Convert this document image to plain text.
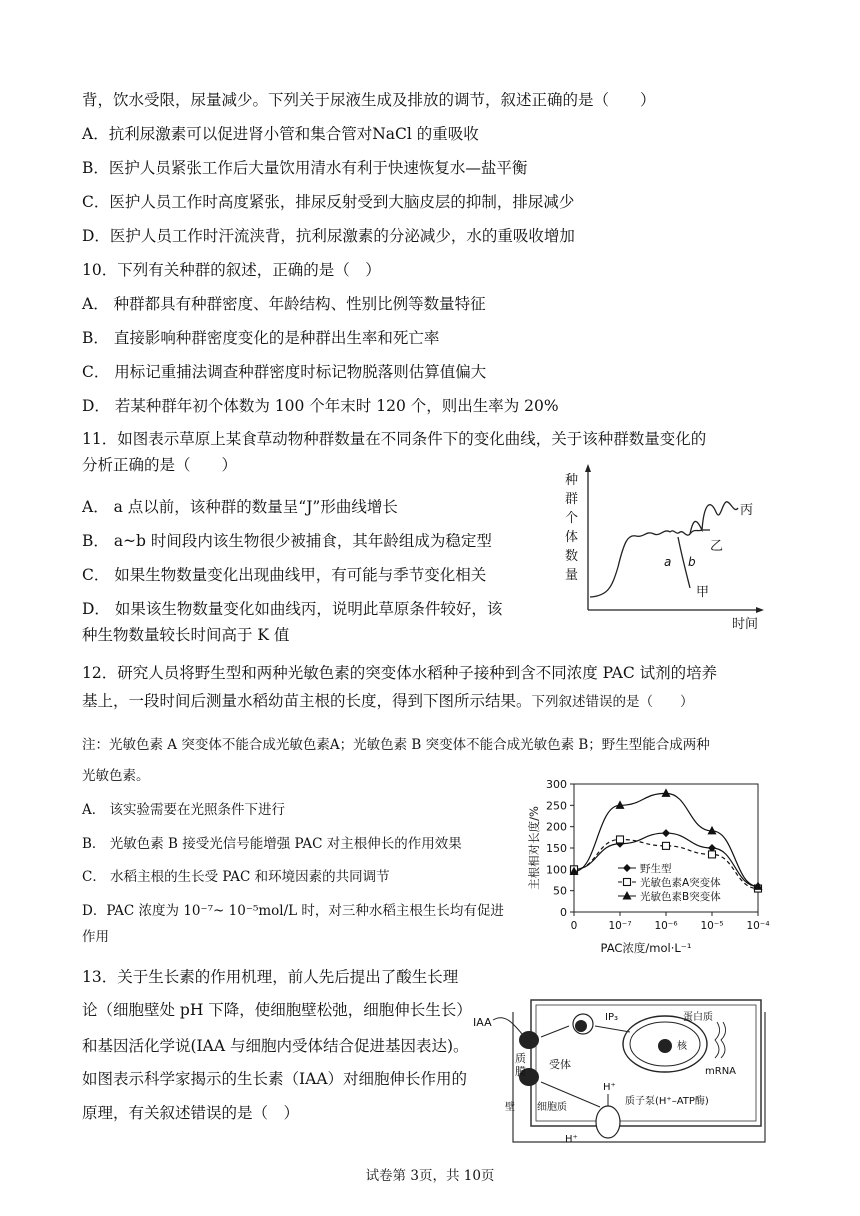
背，饮水受限，尿量减少。下列关于尿液生成及排放的调节，叙述正确的是（　　）
A．抗利尿激素可以促进肾小管和集合管对NaCl 的重吸收
B．医护人员紧张工作后大量饮用清水有利于快速恢复水—盐平衡
C．医护人员工作时高度紧张，排尿反射受到大脑皮层的抑制，排尿减少
D．医护人员工作时汗流浃背，抗利尿激素的分泌减少，水的重吸收增加
10．下列有关种群的叙述，正确的是（　）
A． 种群都具有种群密度、年龄结构、性别比例等数量特征
B． 直接影响种群密度变化的是种群出生率和死亡率
C． 用标记重捕法调查种群密度时标记物脱落则估算值偏大
D． 若某种群年初个体数为 100 个年末时 120 个，则出生率为 20%
11．如图表示草原上某食草动物种群数量在不同条件下的变化曲线，关于该种群数量变化的
分析正确的是（　　）
A． a 点以前，该种群的数量呈“J”形曲线增长
B． a~b 时间段内该生物很少被捕食，其年龄组成为稳定型
C． 如果生物数量变化出现曲线甲，有可能与季节变化相关
D． 如果该生物数量变化如曲线丙，说明此草原条件较好，该
种生物数量较长时间高于 K 值
种
群
个
体
数
量
时间
a b
乙
丙
甲
12．研究人员将野生型和两种光敏色素的突变体水稻种子接种到含不同浓度 PAC 试剂的培养
基上，一段时间后测量水稻幼苗主根的长度，得到下图所示结果。下列叙述错误的是（　　）
注：光敏色素 A 突变体不能合成光敏色素A；光敏色素 B 突变体不能合成光敏色素 B；野生型能合成两种
光敏色素。
A． 该实验需要在光照条件下进行
B． 光敏色素 B 接受光信号能增强 PAC 对主根伸长的作用效果
C． 水稻主根的生长受 PAC 和环境因素的共同调节
D．PAC 浓度为 10⁻⁷~ 10⁻⁵mol/L 时，对三种水稻主根生长均有促进
作用
0
50
100
150
200
250
300
0	10⁻⁷ 10⁻⁶ 10⁻⁵ 10⁻⁴
PAC浓度/mol·L⁻¹
主根相对长度/%	野生型
光敏色素A突变体
光敏色素B突变体
13．关于生长素的作用机理，前人先后提出了酸生长理
论（细胞壁处 pH 下降，使细胞壁松弛，细胞伸长生长）
和基因活化学说(IAA 与细胞内受体结合促进基因表达)。
如图表示科学家揭示的生长素（IAA）对细胞伸长作用的
原理，有关叙述错误的是（　）
IAA
质
膜
受体
IP₃
核
蛋白质
mRNA
H⁺
细胞质
壁
质子泵(H⁺–ATP酶)
H⁺
试卷第 3页，共 10页
